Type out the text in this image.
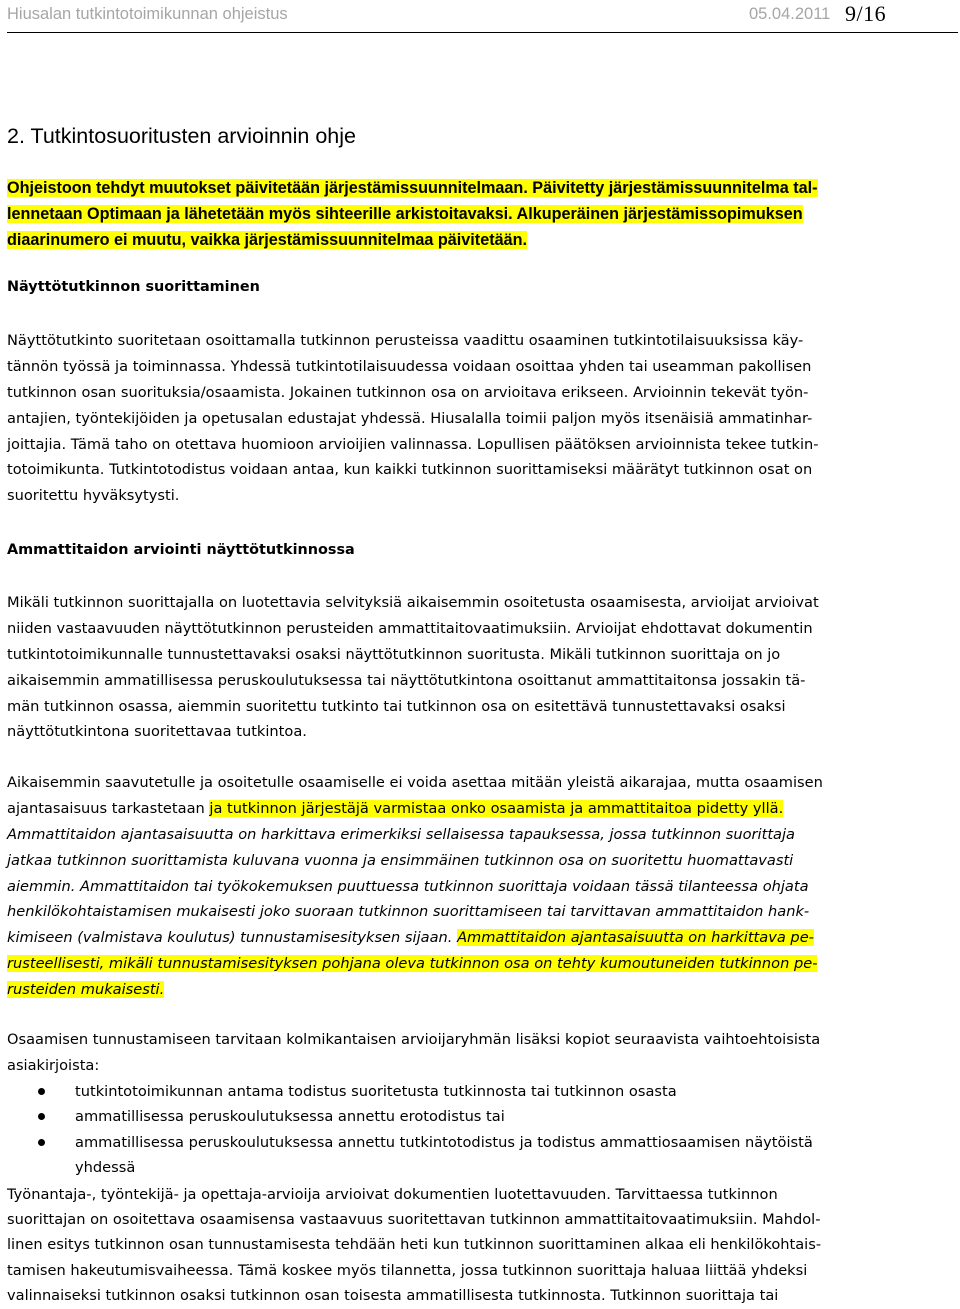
Hiusalan tutkintotoimikunnan ohjeistus	05.04.2011 9/16
2. Tutkintosuoritusten arvioinnin ohje
Ohjeistoon tehdyt muutokset päivitetään järjestämissuunnitelmaan. Päivitetty järjestämissuunnitelma tal-
lennetaan Optimaan ja lähetetään myös sihteerille arkistoitavaksi. Alkuperäinen järjestämissopimuksen
diaarinumero ei muutu, vaikka järjestämissuunnitelmaa päivitetään.
Näyttötutkinnon suorittaminen
Näyttötutkinto suoritetaan osoittamalla tutkinnon perusteissa vaadittu osaaminen tutkintotilaisuuksissa käy-
tännön työssä ja toiminnassa. Yhdessä tutkintotilaisuudessa voidaan osoittaa yhden tai useamman pakollisen
tutkinnon osan suorituksia/osaamista. Jokainen tutkinnon osa on arvioitava erikseen. Arvioinnin tekevät työn-
antajien, työntekijöiden ja opetusalan edustajat yhdessä. Hiusalalla toimii paljon myös itsenäisiä ammatinhar-
joittajia. Tämä taho on otettava huomioon arvioijien valinnassa. Lopullisen päätöksen arvioinnista tekee tutkin-
totoimikunta. Tutkintotodistus voidaan antaa, kun kaikki tutkinnon suorittamiseksi määrätyt tutkinnon osat on
suoritettu hyväksytysti.
Ammattitaidon arviointi näyttötutkinnossa
Mikäli tutkinnon suorittajalla on luotettavia selvityksiä aikaisemmin osoitetusta osaamisesta, arvioijat arvioivat
niiden vastaavuuden näyttötutkinnon perusteiden ammattitaitovaatimuksiin. Arvioijat ehdottavat dokumentin
tutkintotoimikunnalle tunnustettavaksi osaksi näyttötutkinnon suoritusta. Mikäli tutkinnon suorittaja on jo
aikaisemmin ammatillisessa peruskoulutuksessa tai näyttötutkintona osoittanut ammattitaitonsa jossakin tä-
män tutkinnon osassa, aiemmin suoritettu tutkinto tai tutkinnon osa on esitettävä tunnustettavaksi osaksi
näyttötutkintona suoritettavaa tutkintoa.
Aikaisemmin saavutetulle ja osoitetulle osaamiselle ei voida asettaa mitään yleistä aikarajaa, mutta osaamisen
ajantasaisuus tarkastetaan ja tutkinnon järjestäjä varmistaa onko osaamista ja ammattitaitoa pidetty yllä.
Ammattitaidon ajantasaisuutta on harkittava erimerkiksi sellaisessa tapauksessa, jossa tutkinnon suorittaja
jatkaa tutkinnon suorittamista kuluvana vuonna ja ensimmäinen tutkinnon osa on suoritettu huomattavasti
aiemmin. Ammattitaidon tai työkokemuksen puuttuessa tutkinnon suorittaja voidaan tässä tilanteessa ohjata
henkilökohtaistamisen mukaisesti joko suoraan tutkinnon suorittamiseen tai tarvittavan ammattitaidon hank-
kimiseen (valmistava koulutus) tunnustamisesityksen sijaan. Ammattitaidon ajantasaisuutta on harkittava pe-
rusteellisesti, mikäli tunnustamisesityksen pohjana oleva tutkinnon osa on tehty kumoutuneiden tutkinnon pe-
rusteiden mukaisesti.
Osaamisen tunnustamiseen tarvitaan kolmikantaisen arvioijaryhmän lisäksi kopiot seuraavista vaihtoehtoisista
asiakirjoista:
tutkintotoimikunnan antama todistus suoritetusta tutkinnosta tai tutkinnon osasta
ammatillisessa peruskoulutuksessa annettu erotodistus tai
ammatillisessa peruskoulutuksessa annettu tutkintotodistus ja todistus ammattiosaamisen näytöistä
yhdessä
Työnantaja-, työntekijä- ja opettaja-arvioija arvioivat dokumentien luotettavuuden. Tarvittaessa tutkinnon
suorittajan on osoitettava osaamisensa vastaavuus suoritettavan tutkinnon ammattitaitovaatimuksiin. Mahdol-
linen esitys tutkinnon osan tunnustamisesta tehdään heti kun tutkinnon suorittaminen alkaa eli henkilökohtais-
tamisen hakeutumisvaiheessa. Tämä koskee myös tilannetta, jossa tutkinnon suorittaja haluaa liittää yhdeksi
valinnaiseksi tutkinnon osaksi tutkinnon osan toisesta ammatillisesta tutkinnosta. Tutkinnon suorittaja tai
